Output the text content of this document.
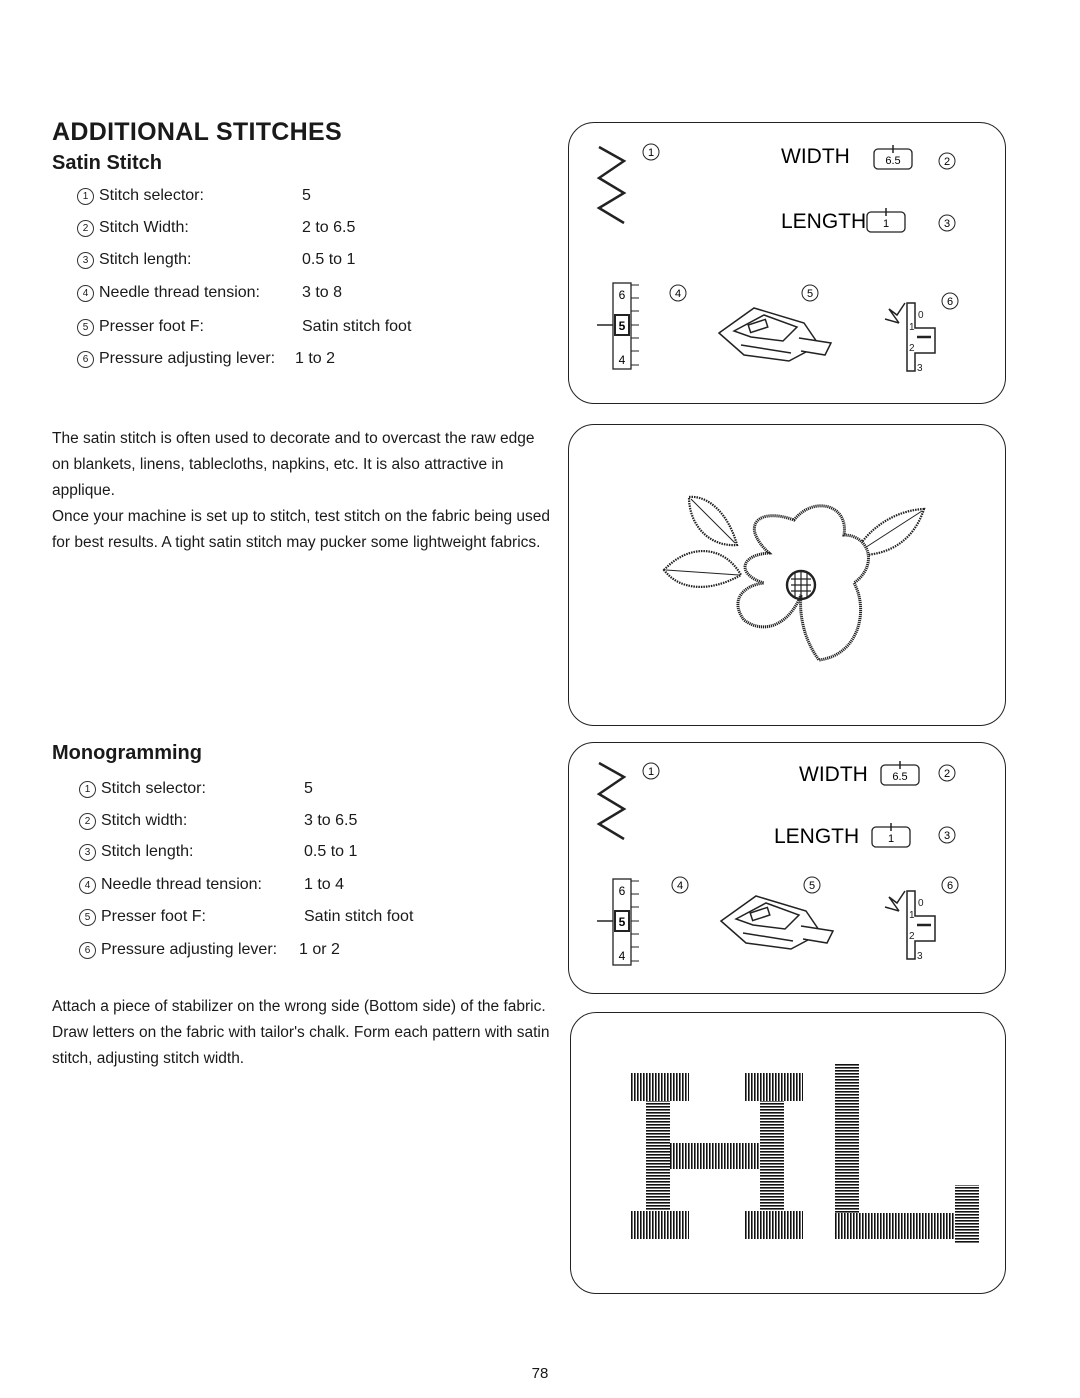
ADDITIONAL STITCHES
Satin Stitch
1 Stitch selector:	5
2 Stitch Width:	2 to 6.5
3 Stitch length:	0.5 to 1
4 Needle thread tension:	3 to 8
5 Presser foot F:	Satin stitch foot
6 Pressure adjusting lever: 1 to 2

The satin stitch is often used to decorate and to overcast the raw edge on blankets, linens, tablecloths, napkins, etc. It is also attractive in applique.

Once your machine is set up to stitch, test stitch on the fabric being used for best results. A tight satin stitch may pucker some lightweight fabrics.

1	WIDTH	6.5	2
LENGTH 1	3
6
5
4
4	5
0
1
2
3
6
Monogramming
1 Stitch selector:	5
2 Stitch width:	3 to 6.5
3 Stitch length:	0.5 to 1
4 Needle thread tension:	1 to 4
5 Presser foot F:	Satin stitch foot
6 Pressure adjusting lever: 1 or 2

Attach a piece of stabilizer on the wrong side (Bottom side) of the fabric.

Draw letters on the fabric with tailor's chalk. Form each pattern with satin stitch, adjusting stitch width.

1	WIDTH 6.5	2
LENGTH	1	3
6
5
4
4	5
0
1
2
3
6
78
